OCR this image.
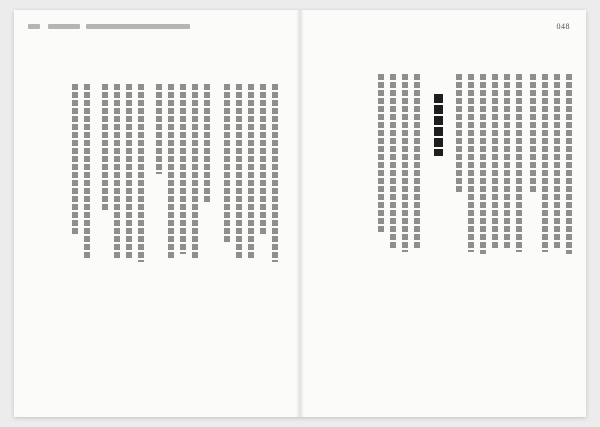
048
